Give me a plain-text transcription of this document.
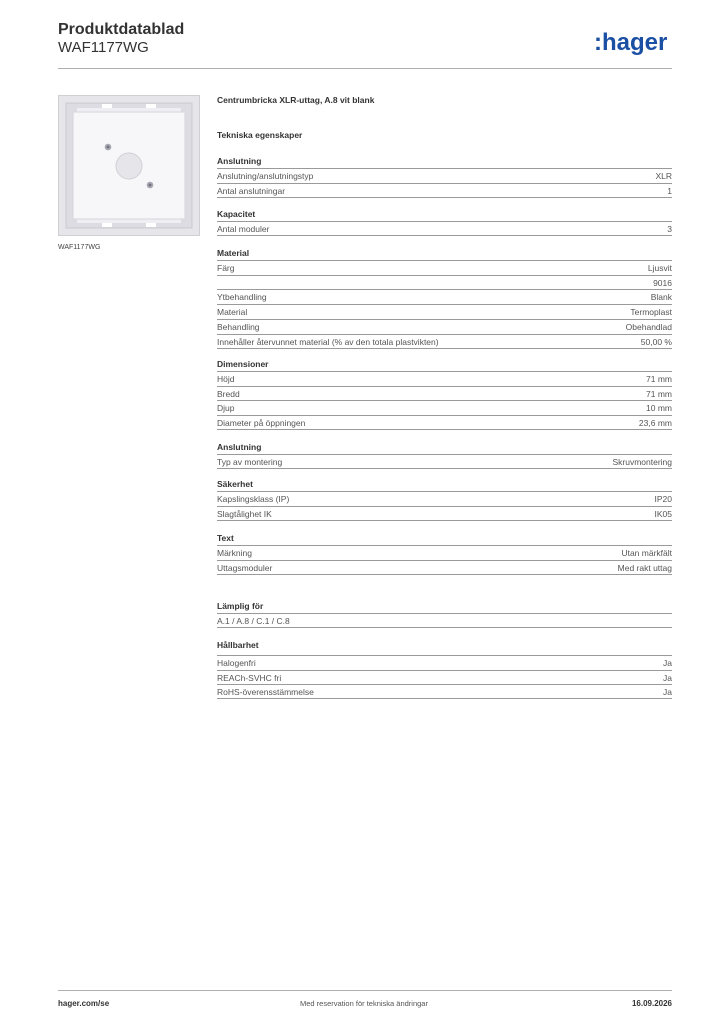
Produktdatablad
WAF1177WG	:hager
WAF1177WG
Centrumbricka XLR-uttag, A.8 vit blank
Tekniska egenskaper
Anslutning
Anslutning/anslutningstyp	XLR
Antal anslutningar	1
Kapacitet
Antal moduler	3
Material
Färg	Ljusvit
9016
Ytbehandling	Blank
Material	Termoplast
Behandling	Obehandlad
Innehåller återvunnet material (% av den totala plastvikten)	50,00 %
Dimensioner
Höjd	71 mm
Bredd	71 mm
Djup	10 mm
Diameter på öppningen	23,6 mm
Anslutning
Typ av montering	Skruvmontering
Säkerhet
Kapslingsklass (IP)	IP20
Slagtålighet IK	IK05
Text
Märkning	Utan märkfält
Uttagsmoduler	Med rakt uttag
Lämplig för
A.1 / A.8 / C.1 / C.8
Hållbarhet
Halogenfri	Ja
REACh-SVHC fri	Ja
RoHS-överensstämmelse	Ja
hager.com/se	Med reservation för tekniska ändringar	16.09.2026
